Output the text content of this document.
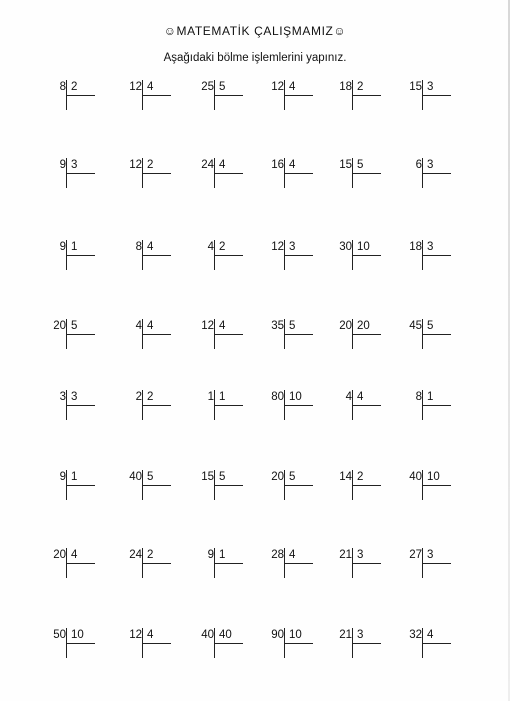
☺MATEMATİK ÇALIŞMAMIZ☺
Aşağıdaki bölme işlemlerini yapınız.
8 2	12 4	25 5	12 4	18 2	15 3
9 3	12 2	24 4	16 4	15 5	6 3
9 1	8 4	4 2	12 3	30 10	18 3
20 5	4 4	12 4	35 5	20 20	45 5
3 3	2 2	1 1	80 10	4 4	8 1
9 1	40 5	15 5	20 5	14 2	40 10
20 4	24 2	9 1	28 4	21 3	27 3
50 10	12 4	40 40	90 10	21 3	32 4
